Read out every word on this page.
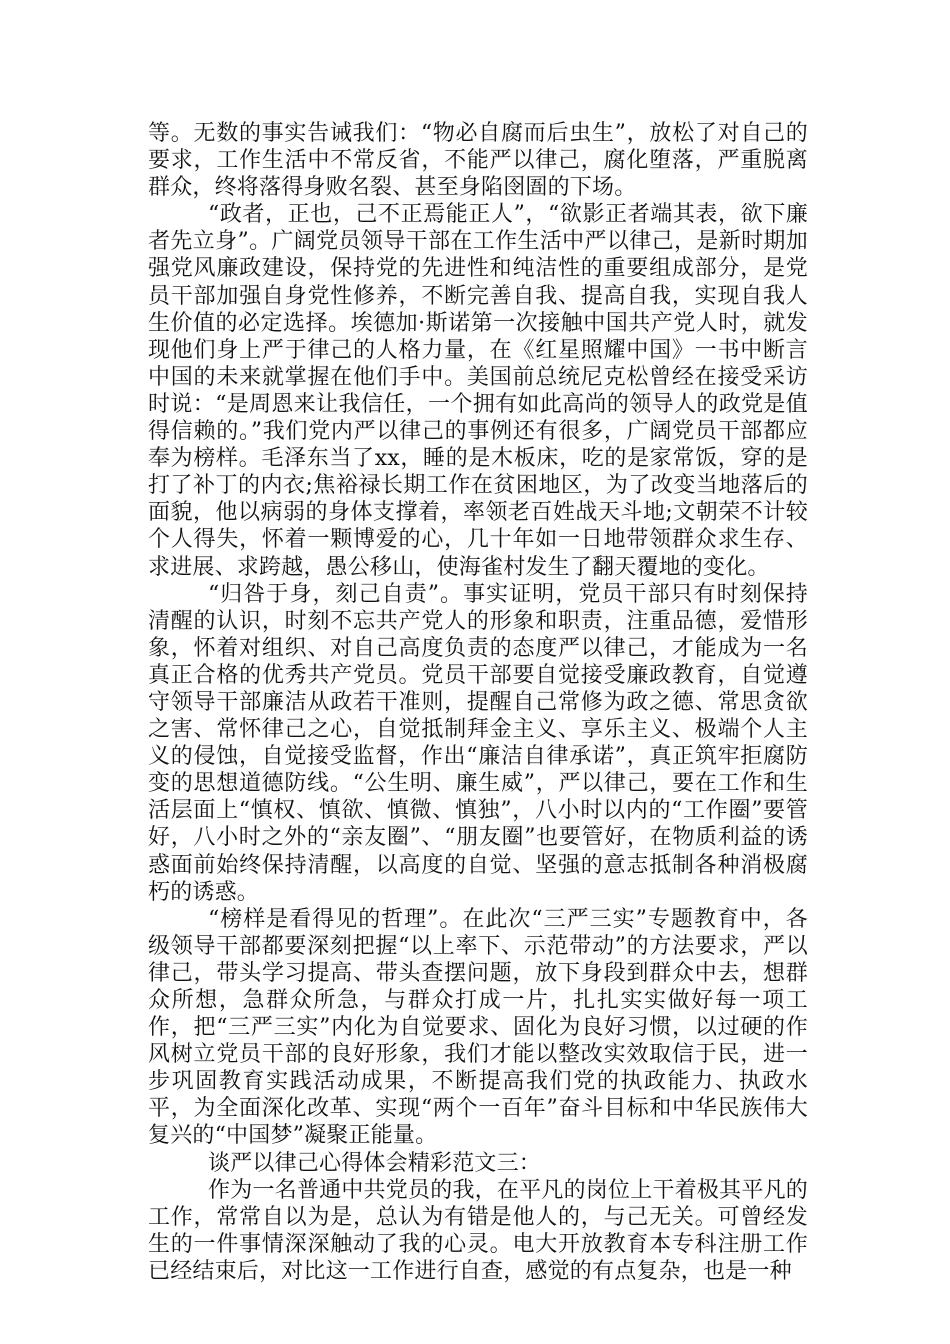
等。无数的事实告诫我们：“物必自腐而后虫生”，放松了对自己的要求，工作生活中不常反省，不能严以律己，腐化堕落，严重脱离群众，终将落得身败名裂、甚至身陷囹圄的下场。

“政者，正也，己不正焉能正人”，“欲影正者端其表，欲下廉者先立身”。广阔党员领导干部在工作生活中严以律己，是新时期加强党风廉政建设，保持党的先进性和纯洁性的重要组成部分，是党员干部加强自身党性修养，不断完善自我、提高自我，实现自我人生价值的必定选择。埃德加·斯诺第一次接触中国共产党人时，就发现他们身上严于律己的人格力量，在《红星照耀中国》一书中断言中国的未来就掌握在他们手中。美国前总统尼克松曾经在接受采访时说：“是周恩来让我信任，一个拥有如此高尚的领导人的政党是值得信赖的。”我们党内严以律己的事例还有很多，广阔党员干部都应奉为榜样。毛泽东当了xx，睡的是木板床，吃的是家常饭，穿的是打了补丁的内衣;焦裕禄长期工作在贫困地区，为了改变当地落后的面貌，他以病弱的身体支撑着，率领老百姓战天斗地;文朝荣不计较个人得失，怀着一颗博爱的心，几十年如一日地带领群众求生存、求进展、求跨越，愚公移山，使海雀村发生了翻天覆地的变化。

“归咎于身，刻己自责”。事实证明，党员干部只有时刻保持清醒的认识，时刻不忘共产党人的形象和职责，注重品德，爱惜形象，怀着对组织、对自己高度负责的态度严以律己，才能成为一名真正合格的优秀共产党员。党员干部要自觉接受廉政教育，自觉遵守领导干部廉洁从政若干准则，提醒自己常修为政之德、常思贪欲之害、常怀律己之心，自觉抵制拜金主义、享乐主义、极端个人主义的侵蚀，自觉接受监督，作出“廉洁自律承诺”，真正筑牢拒腐防变的思想道德防线。“公生明、廉生威”，严以律己，要在工作和生活层面上“慎权、慎欲、慎微、慎独”，八小时以内的“工作圈”要管好，八小时之外的“亲友圈”、“朋友圈”也要管好，在物质利益的诱惑面前始终保持清醒，以高度的自觉、坚强的意志抵制各种消极腐朽的诱惑。

“榜样是看得见的哲理”。在此次“三严三实”专题教育中，各级领导干部都要深刻把握“以上率下、示范带动”的方法要求，严以律己，带头学习提高、带头查摆问题，放下身段到群众中去，想群众所想，急群众所急，与群众打成一片，扎扎实实做好每一项工作，把“三严三实”内化为自觉要求、固化为良好习惯，以过硬的作风树立党员干部的良好形象，我们才能以整改实效取信于民，进一步巩固教育实践活动成果，不断提高我们党的执政能力、执政水平，为全面深化改革、实现“两个一百年”奋斗目标和中华民族伟大复兴的“中国梦”凝聚正能量。

谈严以律己心得体会精彩范文三：

作为一名普通中共党员的我，在平凡的岗位上干着极其平凡的工作，常常自以为是，总认为有错是他人的，与己无关。可曾经发生的一件事情深深触动了我的心灵。电大开放教育本专科注册工作已经结束后，对比这一工作进行自查，感觉的有点复杂，也是一种
